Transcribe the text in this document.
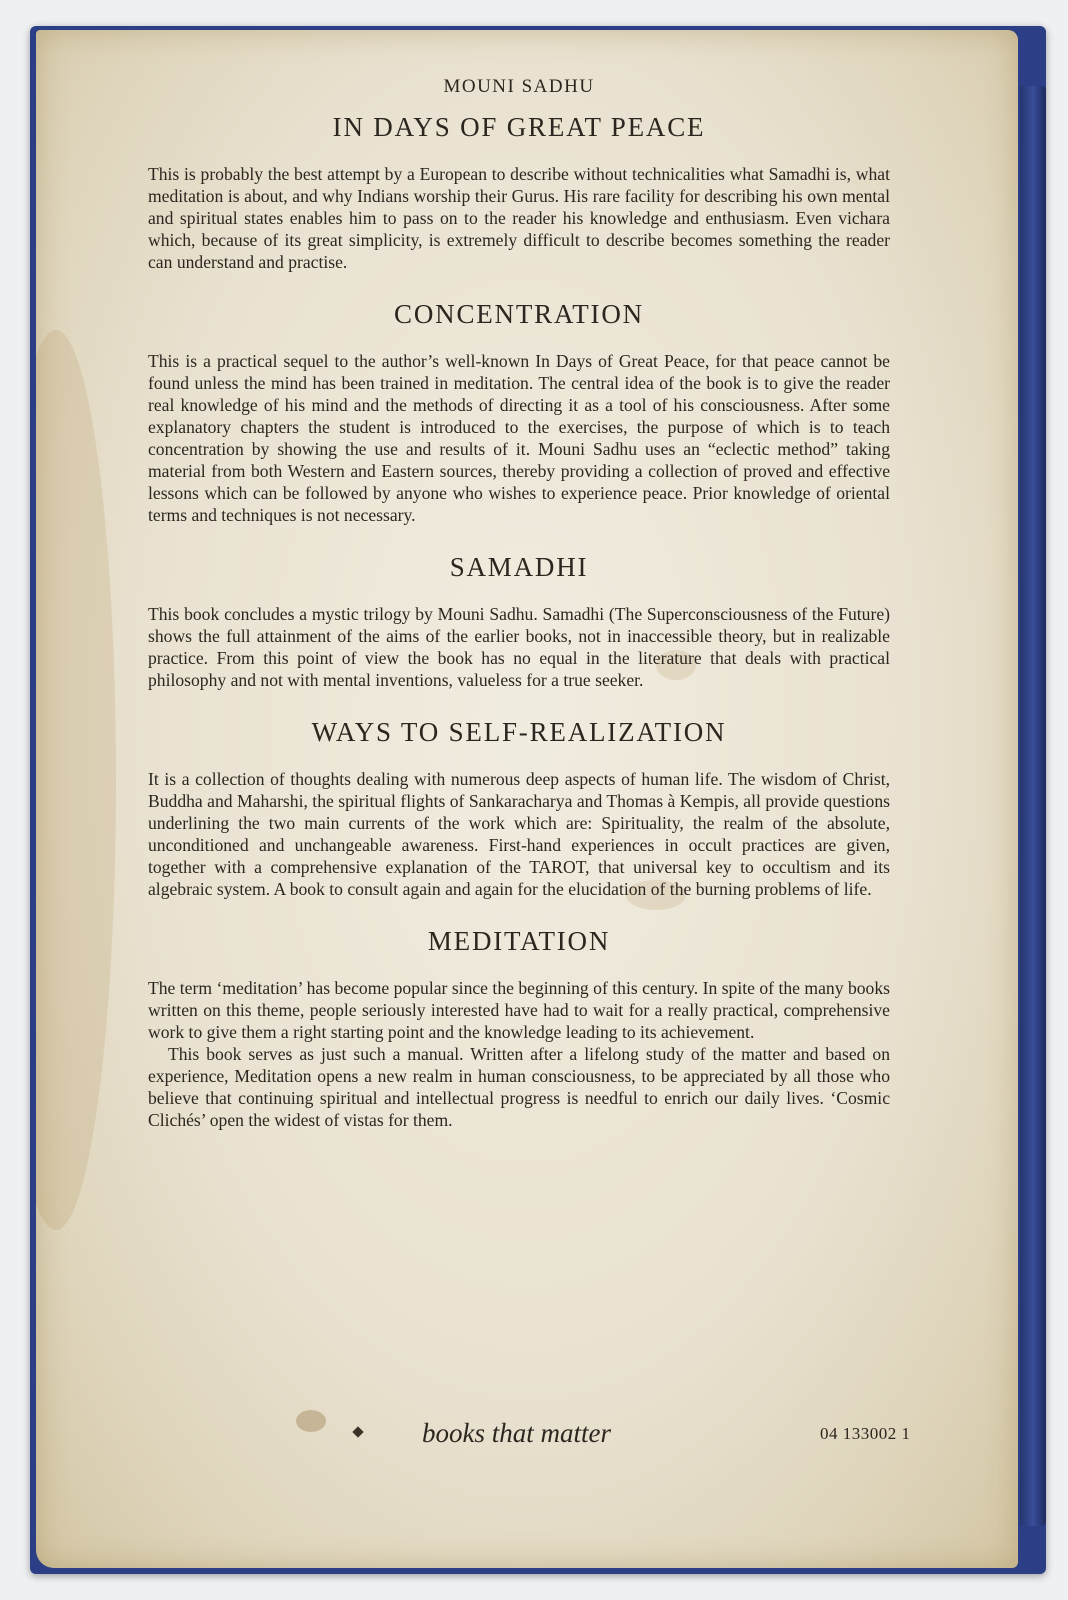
MOUNI SADHU
IN DAYS OF GREAT PEACE

This is probably the best attempt by a European to describe without technicalities what Samadhi is, what meditation is about, and why Indians worship their Gurus. His rare facility for describing his own mental and spiritual states enables him to pass on to the reader his knowledge and enthusiasm. Even vichara which, because of its great simplicity, is extremely difficult to describe becomes something the reader can understand and practise.

CONCENTRATION

This is a practical sequel to the author’s well-known In Days of Great Peace, for that peace cannot be found unless the mind has been trained in meditation. The central idea of the book is to give the reader real knowledge of his mind and the methods of directing it as a tool of his consciousness. After some explanatory chapters the student is introduced to the exercises, the purpose of which is to teach concentration by showing the use and results of it. Mouni Sadhu uses an “eclectic method” taking material from both Western and Eastern sources, thereby providing a collection of proved and effective lessons which can be followed by anyone who wishes to experience peace. Prior knowledge of oriental terms and techniques is not necessary.

SAMADHI

This book concludes a mystic trilogy by Mouni Sadhu. Samadhi (The Superconsciousness of the Future) shows the full attainment of the aims of the earlier books, not in inaccessible theory, but in realizable practice. From this point of view the book has no equal in the literature that deals with practical philosophy and not with mental inventions, valueless for a true seeker.

WAYS TO SELF-REALIZATION

It is a collection of thoughts dealing with numerous deep aspects of human life. The wisdom of Christ, Buddha and Maharshi, the spiritual flights of Sankaracharya and Thomas à Kempis, all provide questions underlining the two main currents of the work which are: Spirituality, the realm of the absolute, unconditioned and unchangeable awareness. First-hand experiences in occult practices are given, together with a comprehensive explanation of the TAROT, that universal key to occultism and its algebraic system. A book to consult again and again for the elucidation of the burning problems of life.

MEDITATION

The term ‘meditation’ has become popular since the beginning of this century. In spite of the many books written on this theme, people seriously interested have had to wait for a really practical, comprehensive work to give them a right starting point and the knowledge leading to its achievement.

This book serves as just such a manual. Written after a lifelong study of the matter and based on experience, Meditation opens a new realm in human consciousness, to be appreciated by all those who believe that continuing spiritual and intellectual progress is needful to enrich our daily lives. ‘Cosmic Clichés’ open the widest of vistas for them.

books that matter	04 133002 1
